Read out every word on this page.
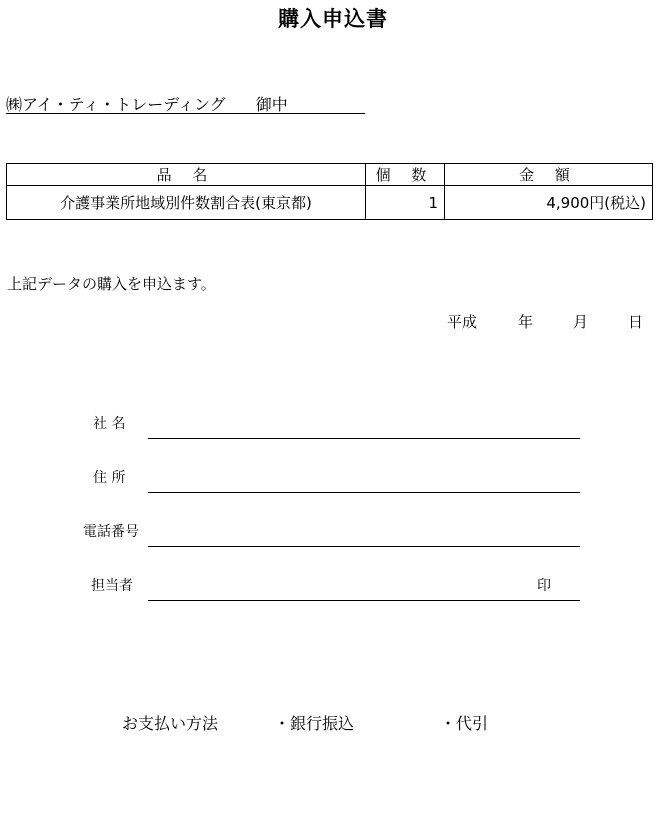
購入申込書
㈱アイ・ティ・トレーディング 御中
品 名	個 数	金 額
介護事業所地域別件数割合表(東京都)	1	4,900円(税込)
上記データの購入を申込ます。
平成	年	月	日
社 名
住 所
電話番号
担当者	印
お支払い方法	・銀行振込	・代引
